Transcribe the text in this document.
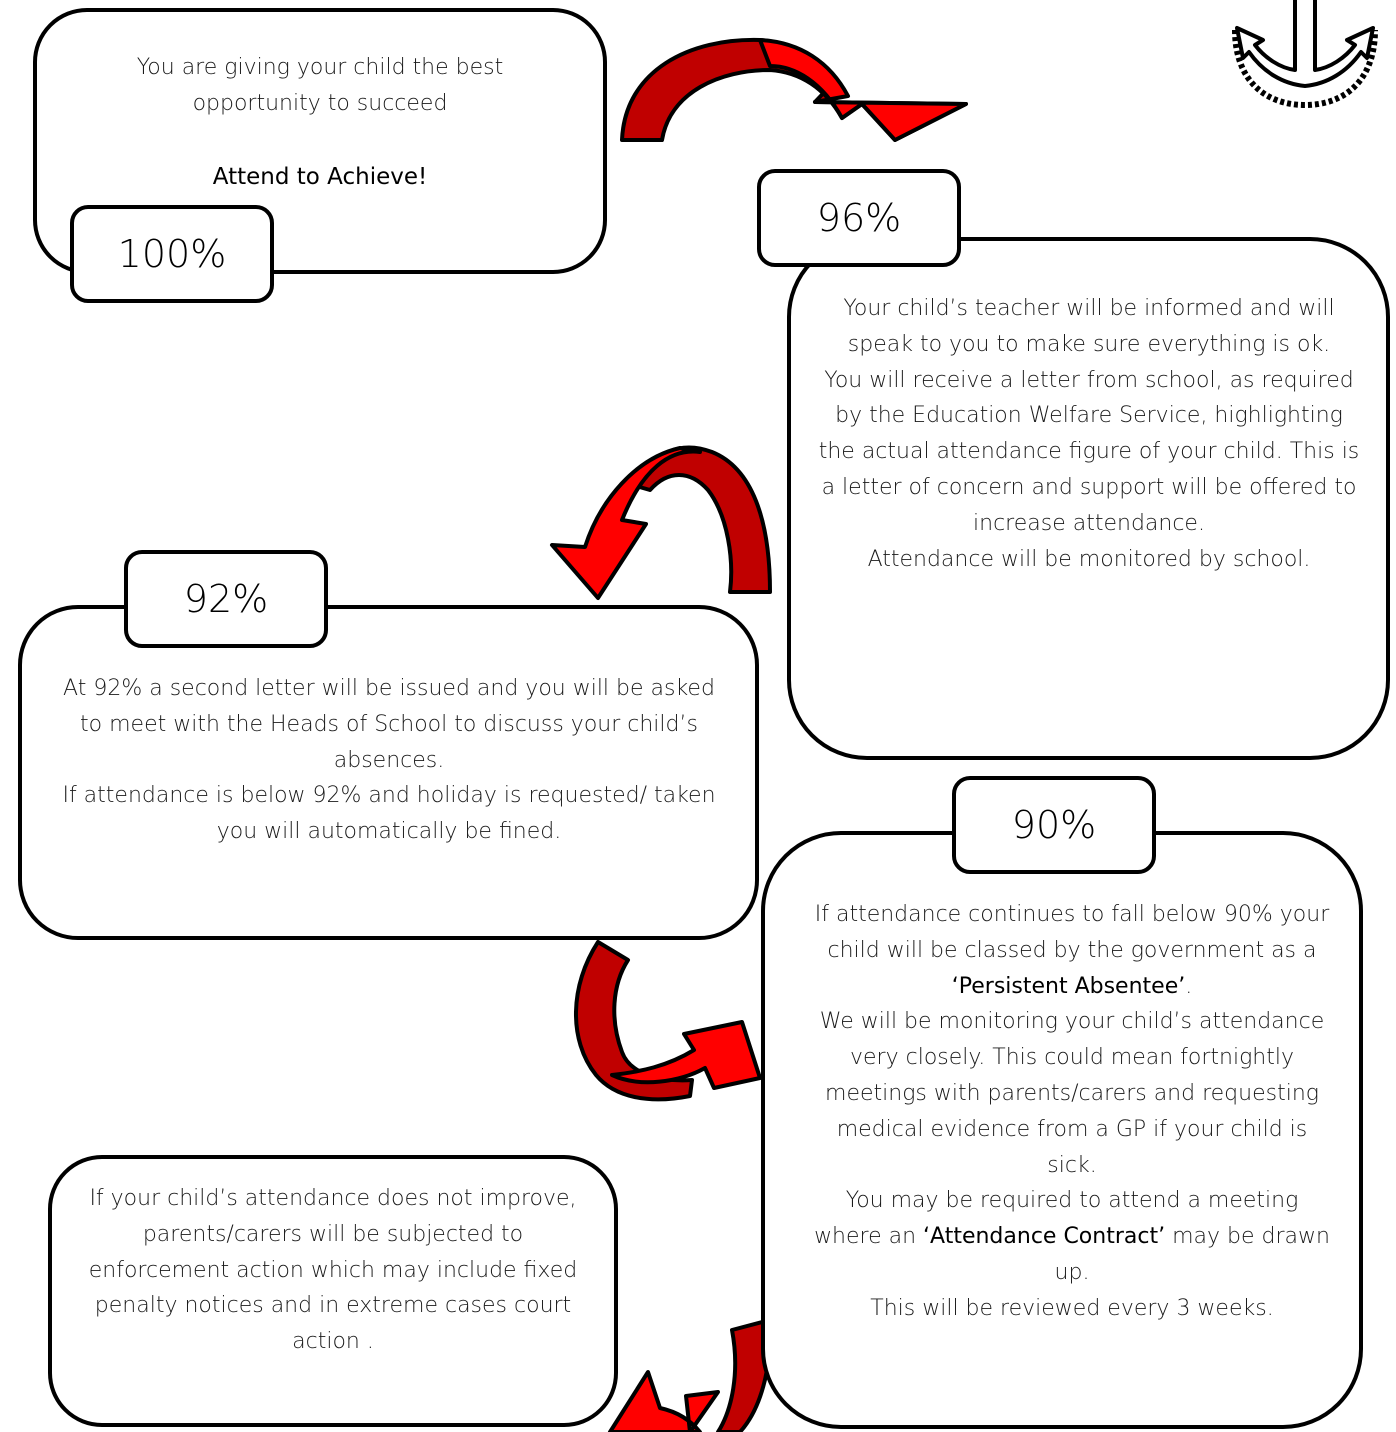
You are giving your child the best

opportunity to succeed

Attend to Achieve!

100%

Your child’s teacher will be informed and will speak to you to make sure everything is ok.

You will receive a letter from school, as required by the Education Welfare Service, highlighting the actual attendance figure of your child. This is a letter of concern and support will be offered to increase attendance.

Attendance will be monitored by school.

96%

At 92% a second letter will be issued and you will be asked to meet with the Heads of School to discuss your child’s absences.

If attendance is below 92% and holiday is requested/ taken you will automatically be fined.

92%

If attendance continues to fall below 90% your child will be classed by the government as a ‘Persistent Absentee’.

We will be monitoring your child’s attendance very closely. This could mean fortnightly meetings with parents/carers and requesting medical evidence from a GP if your child is sick.

You may be required to attend a meeting where an ‘Attendance Contract’ may be drawn up.

This will be reviewed every 3 weeks.

90%

If your child’s attendance does not improve, parents/carers will be subjected to enforcement action which may include fixed penalty notices and in extreme cases court action .
